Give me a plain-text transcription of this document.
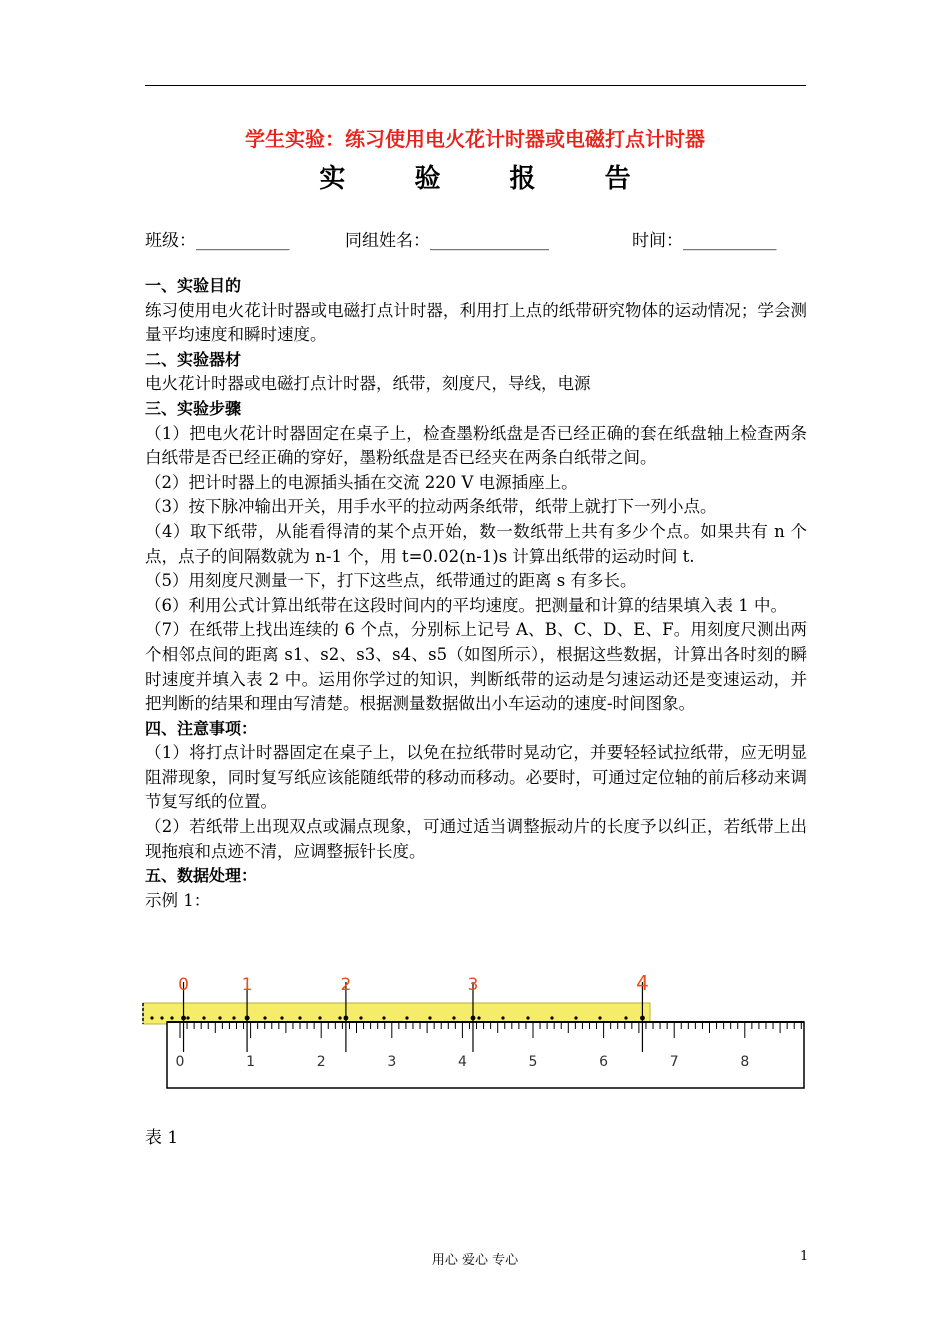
学生实验：练习使用电火花计时器或电磁打点计时器
实 验 报 告
班级：___________	同组姓名：______________	时间：___________

一、实验目的

练习使用电火花计时器或电磁打点计时器，利用打上点的纸带研究物体的运动情况；学会测量平均速度和瞬时速度。

二、实验器材

电火花计时器或电磁打点计时器，纸带，刻度尺，导线，电源

三、实验步骤

（1）把电火花计时器固定在桌子上，检查墨粉纸盘是否已经正确的套在纸盘轴上检查两条白纸带是否已经正确的穿好，墨粉纸盘是否已经夹在两条白纸带之间。

（2）把计时器上的电源插头插在交流 220 V 电源插座上。

（3）按下脉冲输出开关，用手水平的拉动两条纸带，纸带上就打下一列小点。

（4）取下纸带，从能看得清的某个点开始，数一数纸带上共有多少个点。如果共有 n 个点，点子的间隔数就为 n-1 个，用 t=0.02(n-1)s 计算出纸带的运动时间 t.

（5）用刻度尺测量一下，打下这些点，纸带通过的距离 s 有多长。

（6）利用公式计算出纸带在这段时间内的平均速度。把测量和计算的结果填入表 1 中。

（7）在纸带上找出连续的 6 个点，分别标上记号 A、B、C、D、E、F。用刻度尺测出两个相邻点间的距离 s1、s2、s3、s4、s5（如图所示），根据这些数据，计算出各时刻的瞬时速度并填入表 2 中。运用你学过的知识，判断纸带的运动是匀速运动还是变速运动，并把判断的结果和理由写清楚。根据测量数据做出小车运动的速度-时间图象。

四、注意事项：

（1）将打点计时器固定在桌子上，以免在拉纸带时晃动它，并要轻轻试拉纸带，应无明显阻滞现象，同时复写纸应该能随纸带的移动而移动。必要时，可通过定位轴的前后移动来调节复写纸的位置。

（2）若纸带上出现双点或漏点现象，可通过适当调整振动片的长度予以纠正，若纸带上出现拖痕和点迹不清，应调整振针长度。

五、数据处理：

示例 1：

0	1	2	3	4	5	6	7	8
0	1	2	3	4
表 1
用心 爱心 专心	1
